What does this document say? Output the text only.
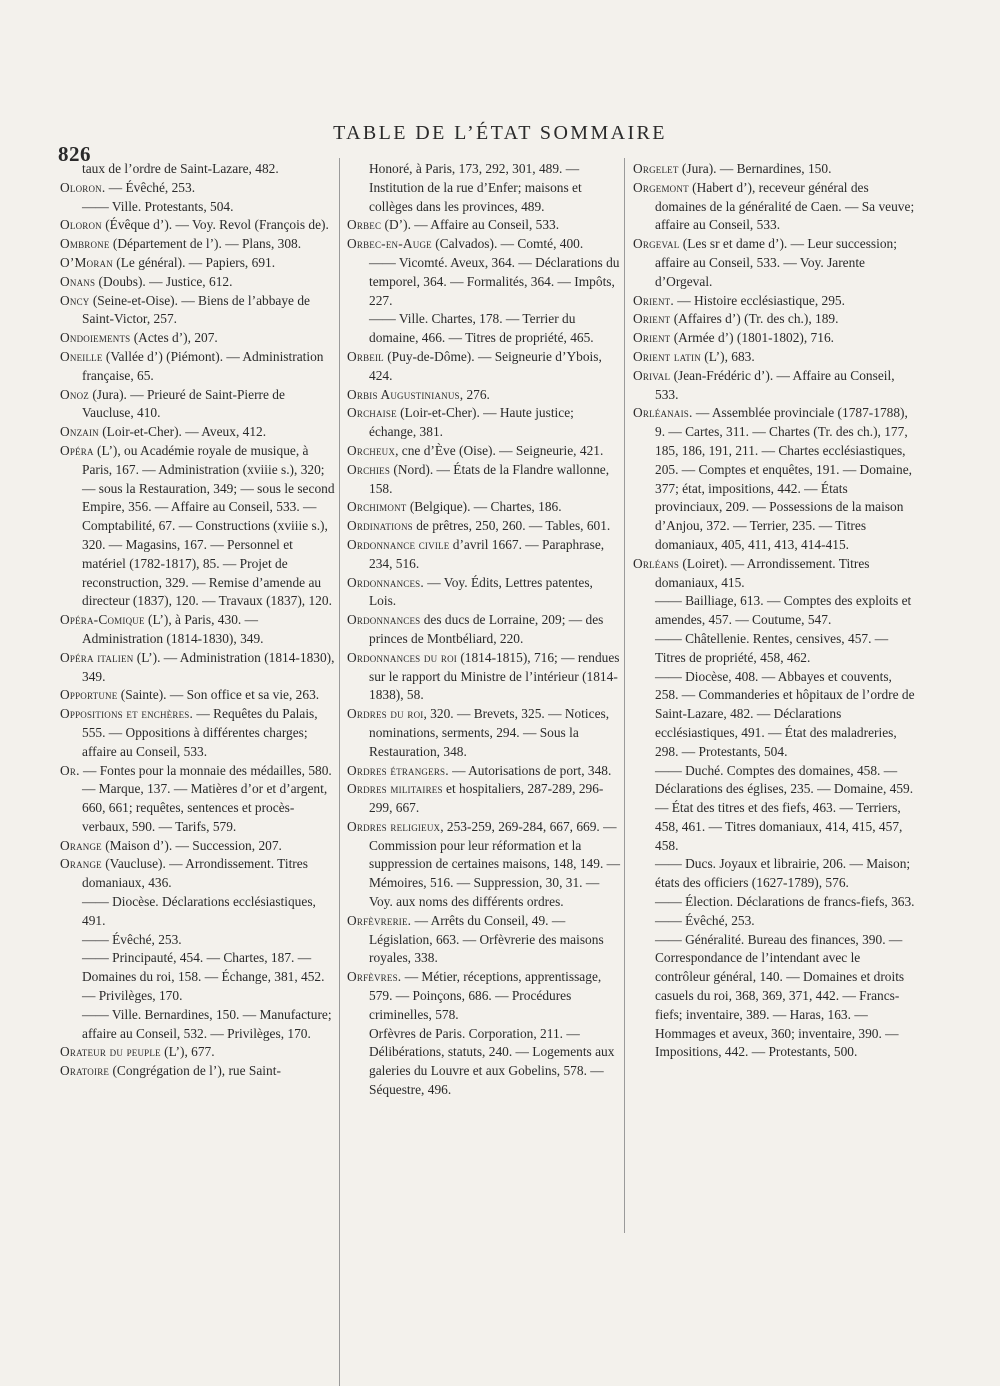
826
TABLE DE L’ÉTAT SOMMAIRE

taux de l’ordre de Saint-Lazare, 482.

Oloron. — Évêché, 253.

—— Ville. Protestants, 504.

Oloron (Évêque d’). — Voy. Revol (François de).

Ombrone (Département de l’). — Plans, 308.

O’Moran (Le général). — Papiers, 691.

Onans (Doubs). — Justice, 612.

Oncy (Seine-et-Oise). — Biens de l’abbaye de Saint-Victor, 257.

Ondoiements (Actes d’), 207.

Oneille (Vallée d’) (Piémont). — Administration française, 65.

Onoz (Jura). — Prieuré de Saint-Pierre de Vaucluse, 410.

Onzain (Loir-et-Cher). — Aveux, 412.

Opéra (L’), ou Académie royale de musique, à Paris, 167. — Administration (xviiie s.), 320; — sous la Restauration, 349; — sous le second Empire, 356. — Affaire au Conseil, 533. — Comptabilité, 67. — Constructions (xviiie s.), 320. — Magasins, 167. — Personnel et matériel (1782-1817), 85. — Projet de reconstruction, 329. — Remise d’amende au directeur (1837), 120. — Travaux (1837), 120.

Opéra-Comique (L’), à Paris, 430. — Administration (1814-1830), 349.

Opéra italien (L’). — Administration (1814-1830), 349.

Opportune (Sainte). — Son office et sa vie, 263.

Oppositions et enchères. — Requêtes du Palais, 555. — Oppositions à différentes charges; affaire au Conseil, 533.

Or. — Fontes pour la monnaie des médailles, 580. — Marque, 137. — Matières d’or et d’argent, 660, 661; requêtes, sentences et procès-verbaux, 590. — Tarifs, 579.

Orange (Maison d’). — Succession, 207.

Orange (Vaucluse). — Arrondissement. Titres domaniaux, 436.

—— Diocèse. Déclarations ecclésiastiques, 491.

—— Évêché, 253.

—— Principauté, 454. — Chartes, 187. — Domaines du roi, 158. — Échange, 381, 452. — Privilèges, 170.

—— Ville. Bernardines, 150. — Manufacture; affaire au Conseil, 532. — Privilèges, 170.

Orateur du peuple (L’), 677.

Oratoire (Congrégation de l’), rue Saint-

Honoré, à Paris, 173, 292, 301, 489. — Institution de la rue d’Enfer; maisons et collèges dans les provinces, 489.

Orbec (D’). — Affaire au Conseil, 533.

Orbec-en-Auge (Calvados). — Comté, 400.

—— Vicomté. Aveux, 364. — Déclarations du temporel, 364. — Formalités, 364. — Impôts, 227.

—— Ville. Chartes, 178. — Terrier du domaine, 466. — Titres de propriété, 465.

Orbeil (Puy-de-Dôme). — Seigneurie d’Ybois, 424.

Orbis Augustinianus, 276.

Orchaise (Loir-et-Cher). — Haute justice; échange, 381.

Orcheux, cne d’Ève (Oise). — Seigneurie, 421.

Orchies (Nord). — États de la Flandre wallonne, 158.

Orchimont (Belgique). — Chartes, 186.

Ordinations de prêtres, 250, 260. — Tables, 601.

Ordonnance civile d’avril 1667. — Paraphrase, 234, 516.

Ordonnances. — Voy. Édits, Lettres patentes, Lois.

Ordonnances des ducs de Lorraine, 209; — des princes de Montbéliard, 220.

Ordonnances du roi (1814-1815), 716; — rendues sur le rapport du Ministre de l’intérieur (1814-1838), 58.

Ordres du roi, 320. — Brevets, 325. — Notices, nominations, serments, 294. — Sous la Restauration, 348.

Ordres étrangers. — Autorisations de port, 348.

Ordres militaires et hospitaliers, 287-289, 296-299, 667.

Ordres religieux, 253-259, 269-284, 667, 669. — Commission pour leur réformation et la suppression de certaines maisons, 148, 149. — Mémoires, 516. — Suppression, 30, 31. — Voy. aux noms des différents ordres.

Orfèvrerie. — Arrêts du Conseil, 49. — Législation, 663. — Orfèvrerie des maisons royales, 338.

Orfèvres. — Métier, réceptions, apprentissage, 579. — Poinçons, 686. — Procédures criminelles, 578.

Orfèvres de Paris. Corporation, 211. — Délibérations, statuts, 240. — Logements aux galeries du Louvre et aux Gobelins, 578. — Séquestre, 496.

Orgelet (Jura). — Bernardines, 150.

Orgemont (Habert d’), receveur général des domaines de la généralité de Caen. — Sa veuve; affaire au Conseil, 533.

Orgeval (Les sr et dame d’). — Leur succession; affaire au Conseil, 533. — Voy. Jarente d’Orgeval.

Orient. — Histoire ecclésiastique, 295.

Orient (Affaires d’) (Tr. des ch.), 189.

Orient (Armée d’) (1801-1802), 716.

Orient latin (L’), 683.

Orival (Jean-Frédéric d’). — Affaire au Conseil, 533.

Orléanais. — Assemblée provinciale (1787-1788), 9. — Cartes, 311. — Chartes (Tr. des ch.), 177, 185, 186, 191, 211. — Chartes ecclésiastiques, 205. — Comptes et enquêtes, 191. — Domaine, 377; état, impositions, 442. — États provinciaux, 209. — Possessions de la maison d’Anjou, 372. — Terrier, 235. — Titres domaniaux, 405, 411, 413, 414-415.

Orléans (Loiret). — Arrondissement. Titres domaniaux, 415.

—— Bailliage, 613. — Comptes des exploits et amendes, 457. — Coutume, 547.

—— Châtellenie. Rentes, censives, 457. — Titres de propriété, 458, 462.

—— Diocèse, 408. — Abbayes et couvents, 258. — Commanderies et hôpitaux de l’ordre de Saint-Lazare, 482. — Déclarations ecclésiastiques, 491. — État des maladreries, 298. — Protestants, 504.

—— Duché. Comptes des domaines, 458. — Déclarations des églises, 235. — Domaine, 459. — État des titres et des fiefs, 463. — Terriers, 458, 461. — Titres domaniaux, 414, 415, 457, 458.

—— Ducs. Joyaux et librairie, 206. — Maison; états des officiers (1627-1789), 576.

—— Élection. Déclarations de francs-fiefs, 363.

—— Évêché, 253.

—— Généralité. Bureau des finances, 390. — Correspondance de l’intendant avec le contrôleur général, 140. — Domaines et droits casuels du roi, 368, 369, 371, 442. — Francs-fiefs; inventaire, 389. — Haras, 163. — Hommages et aveux, 360; inventaire, 390. — Impositions, 442. — Protestants, 500.
